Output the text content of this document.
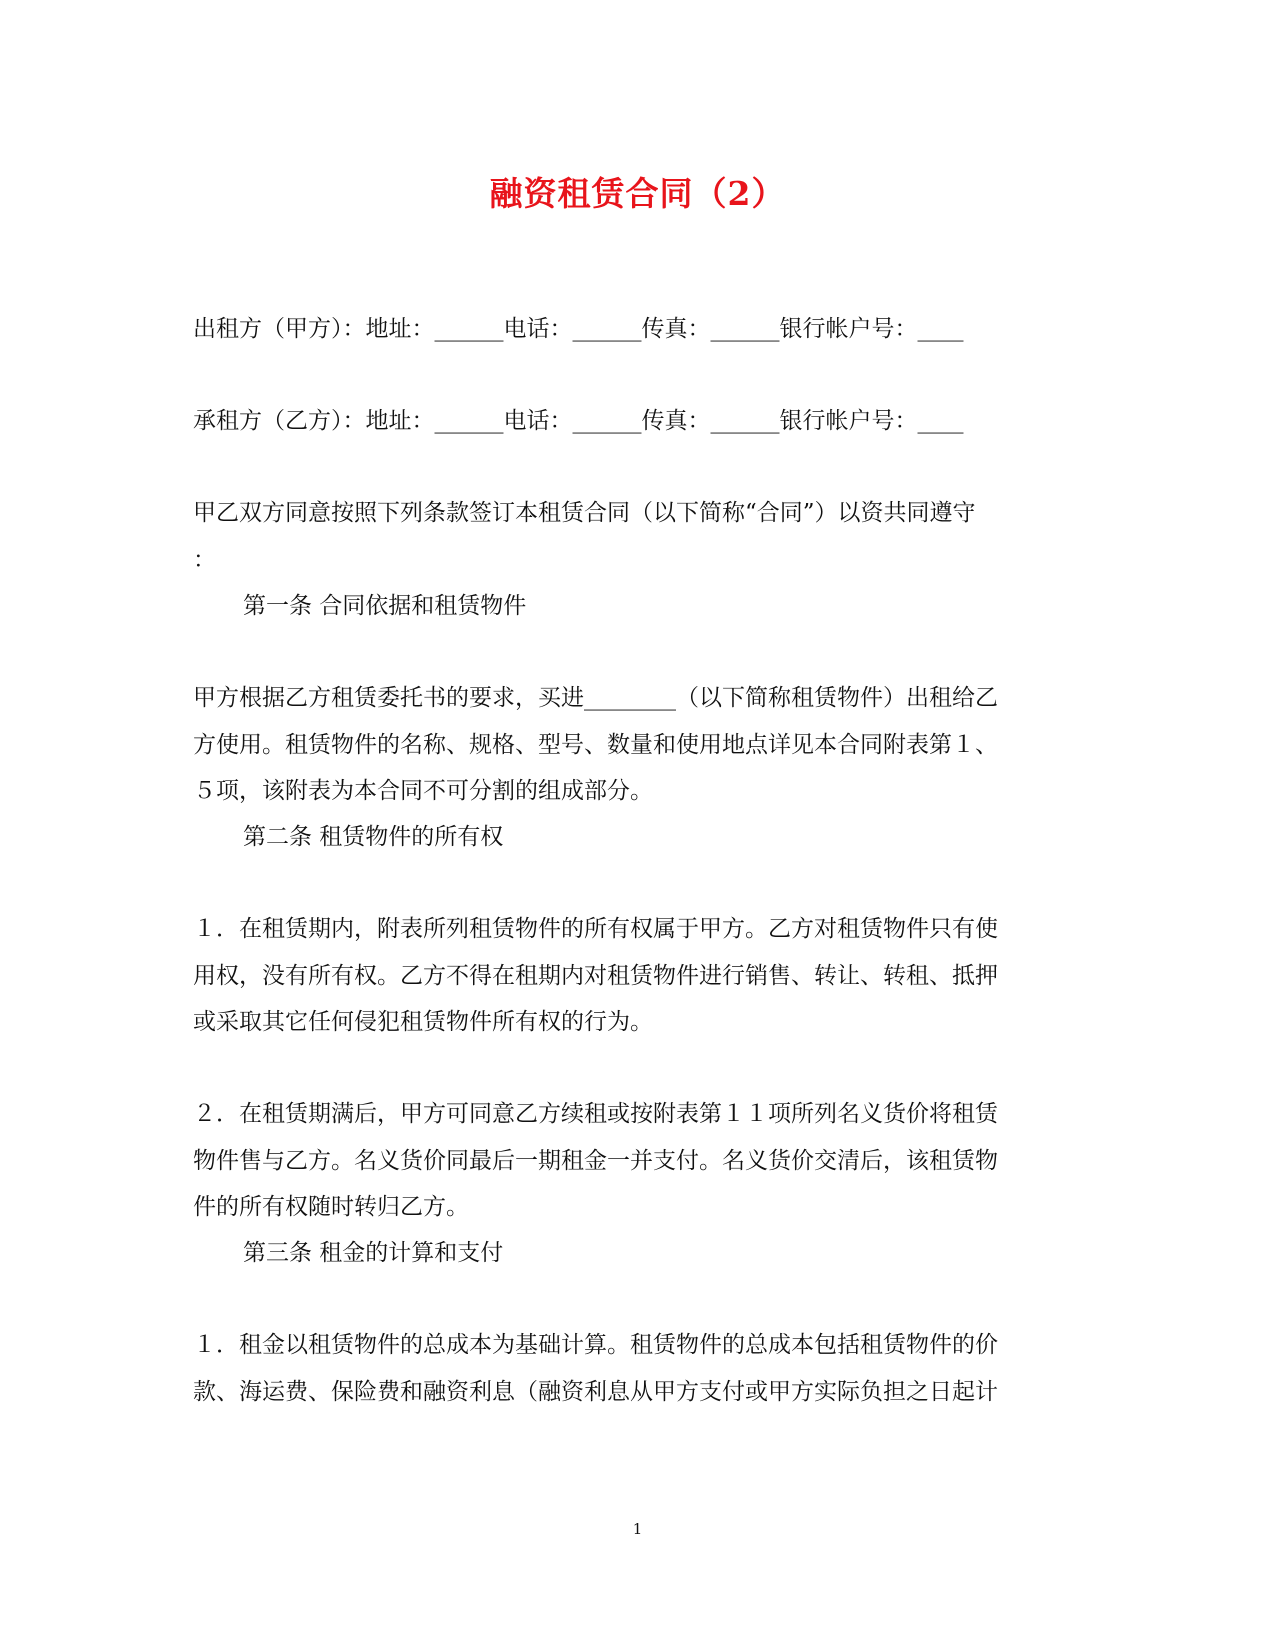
融资租赁合同（2）
出租方（甲方）：地址：______电话：______传真：______银行帐户号：____
承租方（乙方）：地址：______电话：______传真：______银行帐户号：____
甲乙双方同意按照下列条款签订本租赁合同（以下简称“合同”）以资共同遵守
：
第一条 合同依据和租赁物件
甲方根据乙方租赁委托书的要求，买进________（以下简称租赁物件）出租给乙
方使用。租赁物件的名称、规格、型号、数量和使用地点详见本合同附表第１、
５项，该附表为本合同不可分割的组成部分。
第二条 租赁物件的所有权
１．在租赁期内，附表所列租赁物件的所有权属于甲方。乙方对租赁物件只有使
用权，没有所有权。乙方不得在租期内对租赁物件进行销售、转让、转租、抵押
或采取其它任何侵犯租赁物件所有权的行为。
２．在租赁期满后，甲方可同意乙方续租或按附表第１１项所列名义货价将租赁
物件售与乙方。名义货价同最后一期租金一并支付。名义货价交清后，该租赁物
件的所有权随时转归乙方。
第三条 租金的计算和支付
１．租金以租赁物件的总成本为基础计算。租赁物件的总成本包括租赁物件的价
款、海运费、保险费和融资利息（融资利息从甲方支付或甲方实际负担之日起计
1
